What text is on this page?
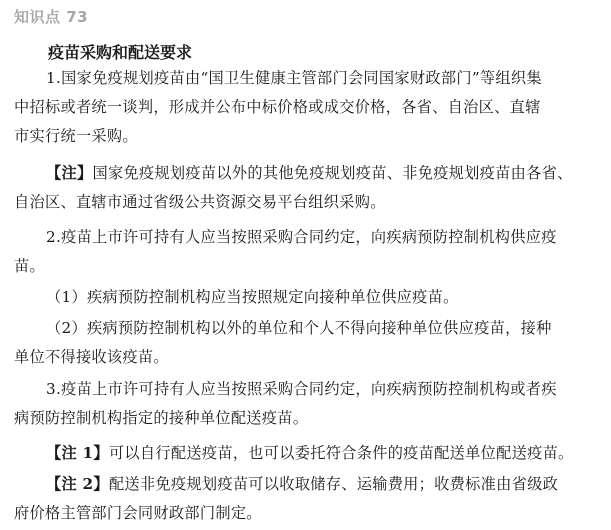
知识点 73
疫苗采购和配送要求
1.国家免疫规划疫苗由“国卫生健康主管部门会同国家财政部门”等组织集
中招标或者统一谈判，形成并公布中标价格或成交价格，各省、自治区、直辖
市实行统一采购。
【注】国家免疫规划疫苗以外的其他免疫规划疫苗、非免疫规划疫苗由各省、
自治区、直辖市通过省级公共资源交易平台组织采购。
2.疫苗上市许可持有人应当按照采购合同约定，向疾病预防控制机构供应疫
苗。
（1）疾病预防控制机构应当按照规定向接种单位供应疫苗。
（2）疾病预防控制机构以外的单位和个人不得向接种单位供应疫苗，接种
单位不得接收该疫苗。
3.疫苗上市许可持有人应当按照采购合同约定，向疾病预防控制机构或者疾
病预防控制机构指定的接种单位配送疫苗。
【注 1】可以自行配送疫苗，也可以委托符合条件的疫苗配送单位配送疫苗。
【注 2】配送非免疫规划疫苗可以收取储存、运输费用；收费标准由省级政
府价格主管部门会同财政部门制定。
